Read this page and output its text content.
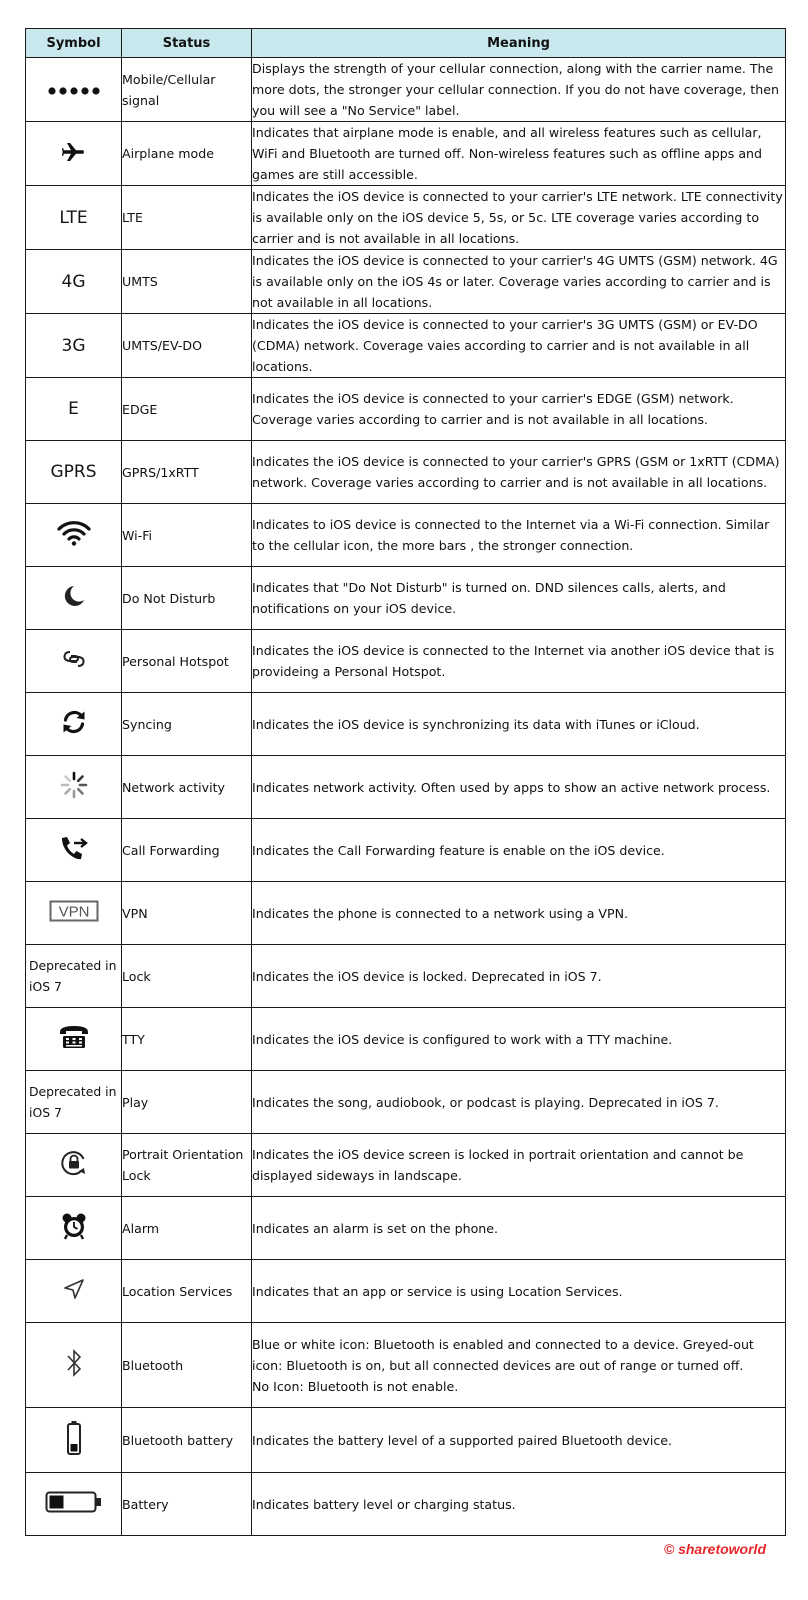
Symbol	Status	Meaning
	Mobile/Cellular signal	Displays the strength of your cellular connection, along with the carrier name. The more dots, the stronger your cellular connection. If you do not have coverage, then you will see a "No Service" label.
	Airplane mode	Indicates that airplane mode is enable, and all wireless features such as cellular, WiFi and Bluetooth are turned off. Non-wireless features such as offline apps and games are still accessible.
LTE	LTE	Indicates the iOS device is connected to your carrier's LTE network. LTE connectivity is available only on the iOS device 5, 5s, or 5c. LTE coverage varies according to carrier and is not available in all locations.
4G	UMTS	Indicates the iOS device is connected to your carrier's 4G UMTS (GSM) network. 4G is available only on the iOS 4s or later. Coverage varies according to carrier and is not available in all locations.
3G	UMTS/EV-DO	Indicates the iOS device is connected to your carrier's 3G UMTS (GSM) or EV-DO (CDMA) network. Coverage vaies according to carrier and is not available in all locations.
E	EDGE	Indicates the iOS device is connected to your carrier's EDGE (GSM) network. Coverage varies according to carrier and is not available in all locations.
GPRS	GPRS/1xRTT	Indicates the iOS device is connected to your carrier's GPRS (GSM or 1xRTT (CDMA) network. Coverage varies according to carrier and is not available in all locations.
	Wi-Fi	Indicates to iOS device is connected to the Internet via a Wi-Fi connection. Similar to the cellular icon, the more bars , the stronger connection.
	Do Not Disturb	Indicates that "Do Not Disturb" is turned on. DND silences calls, alerts, and notifications on your iOS device.
	Personal Hotspot	Indicates the iOS device is connected to the Internet via another iOS device that is provideing a Personal Hotspot.
	Syncing	Indicates the iOS device is synchronizing its data with iTunes or iCloud.
	Network activity	Indicates network activity. Often used by apps to show an active network process.
	Call Forwarding	Indicates the Call Forwarding feature is enable on the iOS device.

VPN	VPN	Indicates the phone is connected to a network using a VPN.

Deprecated in iOS 7	Lock	Indicates the iOS device is locked. Deprecated in iOS 7.
	TTY	Indicates the iOS device is configured to work with a TTY machine.

Deprecated in iOS 7	Play	Indicates the song, audiobook, or podcast is playing. Deprecated in iOS 7.
	Portrait Orientation Lock	Indicates the iOS device screen is locked in portrait orientation and cannot be displayed sideways in landscape.
	Alarm	Indicates an alarm is set on the phone.
	Location Services	Indicates that an app or service is using Location Services.
	Bluetooth	Blue or white icon: Bluetooth is enabled and connected to a device. Greyed-out icon: Bluetooth is on, but all connected devices are out of range or turned off.
No Icon: Bluetooth is not enable.

	Bluetooth battery	Indicates the battery level of a supported paired Bluetooth device.
	Battery	Indicates battery level or charging status.
© sharetoworld
